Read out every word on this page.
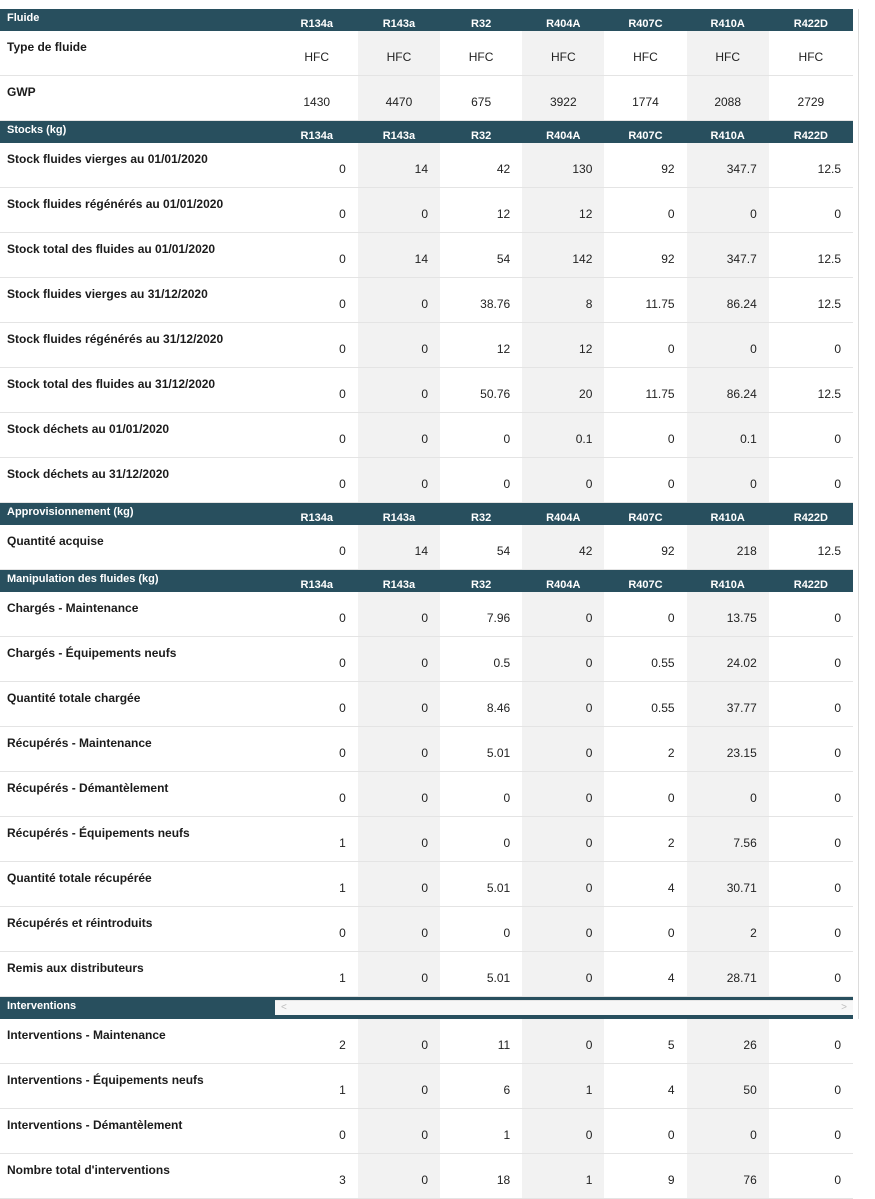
Fluide	R134a	R143a	R32	R404A	R407C	R410A	R422D
Type de fluide	HFC	HFC	HFC	HFC	HFC	HFC	HFC
GWP	1430	4470	675	3922	1774	2088	2729
Stocks (kg)	R134a	R143a	R32	R404A	R407C	R410A	R422D
Stock fluides vierges au 01/01/2020	0	14	42	130	92	347.7	12.5
Stock fluides régénérés au 01/01/2020	0	0	12	12	0	0	0
Stock total des fluides au 01/01/2020	0	14	54	142	92	347.7	12.5
Stock fluides vierges au 31/12/2020	0	0	38.76	8	11.75	86.24	12.5
Stock fluides régénérés au 31/12/2020	0	0	12	12	0	0	0
Stock total des fluides au 31/12/2020	0	0	50.76	20	11.75	86.24	12.5
Stock déchets au 01/01/2020	0	0	0	0.1	0	0.1	0
Stock déchets au 31/12/2020	0	0	0	0	0	0	0
Approvisionnement (kg)	R134a	R143a	R32	R404A	R407C	R410A	R422D
Quantité acquise	0	14	54	42	92	218	12.5
Manipulation des fluides (kg)	R134a	R143a	R32	R404A	R407C	R410A	R422D
Chargés - Maintenance	0	0	7.96	0	0	13.75	0
Chargés - Équipements neufs	0	0	0.5	0	0.55	24.02	0
Quantité totale chargée	0	0	8.46	0	0.55	37.77	0
Récupérés - Maintenance	0	0	5.01	0	2	23.15	0
Récupérés - Démantèlement	0	0	0	0	0	0	0
Récupérés - Équipements neufs	1	0	0	0	2	7.56	0
Quantité totale récupérée	1	0	5.01	0	4	30.71	0
Récupérés et réintroduits	0	0	0	0	0	2	0
Remis aux distributeurs	1	0	5.01	0	4	28.71	0
Interventions							
Interventions - Maintenance	2	0	11	0	5	26	0
Interventions - Équipements neufs	1	0	6	1	4	50	0
Interventions - Démantèlement	0	0	1	0	0	0	0
Nombre total d'interventions	3	0	18	1	9	76	0
<	>
